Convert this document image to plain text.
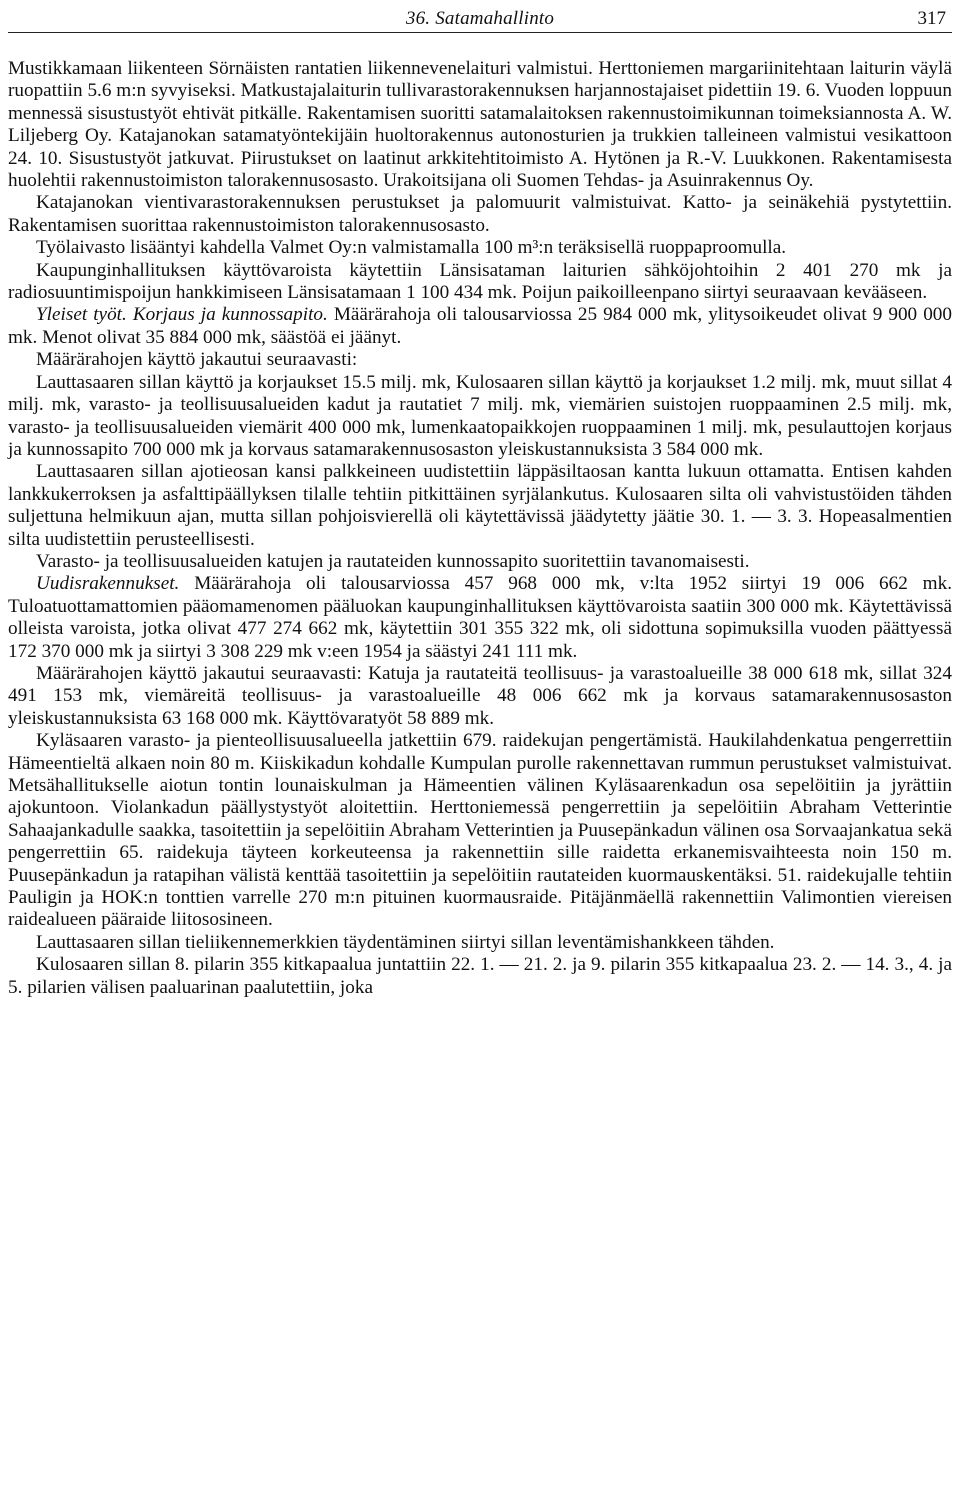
36. Satamahallinto	317

Mustikkamaan liikenteen Sörnäisten rantatien liikennevenelaituri valmistui. Herttoniemen margariinitehtaan laiturin väylä ruopattiin 5.6 m:n syvyiseksi. Matkustajalaiturin tullivarastorakennuksen harjannostajaiset pidettiin 19. 6. Vuoden loppuun mennessä sisustustyöt ehtivät pitkälle. Rakentamisen suoritti satamalaitoksen rakennustoimikunnan toimeksiannosta A. W. Liljeberg Oy. Katajanokan satamatyöntekijäin huoltorakennus autonosturien ja trukkien talleineen valmistui vesikattoon 24. 10. Sisustustyöt jatkuvat. Piirustukset on laatinut arkkitehtitoimisto A. Hytönen ja R.-V. Luukkonen. Rakentamisesta huolehtii rakennustoimiston talorakennusosasto. Urakoitsijana oli Suomen Tehdas- ja Asuinrakennus Oy.

Katajanokan vientivarastorakennuksen perustukset ja palomuurit valmistuivat. Katto- ja seinäkehiä pystytettiin. Rakentamisen suorittaa rakennustoimiston talorakennusosasto.

Työlaivasto lisääntyi kahdella Valmet Oy:n valmistamalla 100 m³:n teräksisellä ruoppaproomulla.

Kaupunginhallituksen käyttövaroista käytettiin Länsisataman laiturien sähköjohtoihin 2 401 270 mk ja radiosuuntimispoijun hankkimiseen Länsisatamaan 1 100 434 mk. Poijun paikoilleenpano siirtyi seuraavaan kevääseen.

Yleiset työt. Korjaus ja kunnossapito. Määrärahoja oli talousarviossa 25 984 000 mk, ylitysoikeudet olivat 9 900 000 mk. Menot olivat 35 884 000 mk, säästöä ei jäänyt.

Määrärahojen käyttö jakautui seuraavasti:

Lauttasaaren sillan käyttö ja korjaukset 15.5 milj. mk, Kulosaaren sillan käyttö ja korjaukset 1.2 milj. mk, muut sillat 4 milj. mk, varasto- ja teollisuusalueiden kadut ja rautatiet 7 milj. mk, viemärien suistojen ruoppaaminen 2.5 milj. mk, varasto- ja teollisuusalueiden viemärit 400 000 mk, lumenkaatopaikkojen ruoppaaminen 1 milj. mk, pesulauttojen korjaus ja kunnossapito 700 000 mk ja korvaus satamarakennusosaston yleiskustannuksista 3 584 000 mk.

Lauttasaaren sillan ajotieosan kansi palkkeineen uudistettiin läppäsiltaosan kantta lukuun ottamatta. Entisen kahden lankkukerroksen ja asfalttipäällyksen tilalle tehtiin pitkittäinen syrjälankutus. Kulosaaren silta oli vahvistustöiden tähden suljettuna helmikuun ajan, mutta sillan pohjoisvierellä oli käytettävissä jäädytetty jäätie 30. 1. — 3. 3. Hopeasalmentien silta uudistettiin perusteellisesti.

Varasto- ja teollisuusalueiden katujen ja rautateiden kunnossapito suoritettiin tavanomaisesti.

Uudisrakennukset. Määrärahoja oli talousarviossa 457 968 000 mk, v:lta 1952 siirtyi 19 006 662 mk. Tuloatuottamattomien pääomamenomen pääluokan kaupunginhallituksen käyttövaroista saatiin 300 000 mk. Käytettävissä olleista varoista, jotka olivat 477 274 662 mk, käytettiin 301 355 322 mk, oli sidottuna sopimuksilla vuoden päättyessä 172 370 000 mk ja siirtyi 3 308 229 mk v:een 1954 ja säästyi 241 111 mk.

Määrärahojen käyttö jakautui seuraavasti: Katuja ja rautateitä teollisuus- ja varastoalueille 38 000 618 mk, sillat 324 491 153 mk, viemäreitä teollisuus- ja varastoalueille 48 006 662 mk ja korvaus satamarakennusosaston yleiskustannuksista 63 168 000 mk. Käyttövaratyöt 58 889 mk.

Kyläsaaren varasto- ja pienteollisuusalueella jatkettiin 679. raidekujan pengertämistä. Haukilahdenkatua pengerrettiin Hämeentieltä alkaen noin 80 m. Kiiskikadun kohdalle Kumpulan purolle rakennettavan rummun perustukset valmistuivat. Metsähallitukselle aiotun tontin lounaiskulman ja Hämeentien välinen Kyläsaarenkadun osa sepelöitiin ja jyrättiin ajokuntoon. Violankadun päällystystyöt aloitettiin. Herttoniemessä pengerrettiin ja sepelöitiin Abraham Vetterintie Sahaajankadulle saakka, tasoitettiin ja sepelöitiin Abraham Vetterintien ja Puusepänkadun välinen osa Sorvaajankatua sekä pengerrettiin 65. raidekuja täyteen korkeuteensa ja rakennettiin sille raidetta erkanemisvaihteesta noin 150 m. Puusepänkadun ja ratapihan välistä kenttää tasoitettiin ja sepelöitiin rautateiden kuormauskentäksi. 51. raidekujalle tehtiin Pauligin ja HOK:n tonttien varrelle 270 m:n pituinen kuormausraide. Pitäjänmäellä rakennettiin Valimontien viereisen raidealueen pääraide liitososineen.

Lauttasaaren sillan tieliikennemerkkien täydentäminen siirtyi sillan leventämishankkeen tähden.

Kulosaaren sillan 8. pilarin 355 kitkapaalua juntattiin 22. 1. — 21. 2. ja 9. pilarin 355 kitkapaalua 23. 2. — 14. 3., 4. ja 5. pilarien välisen paaluarinan paalutettiin, joka
